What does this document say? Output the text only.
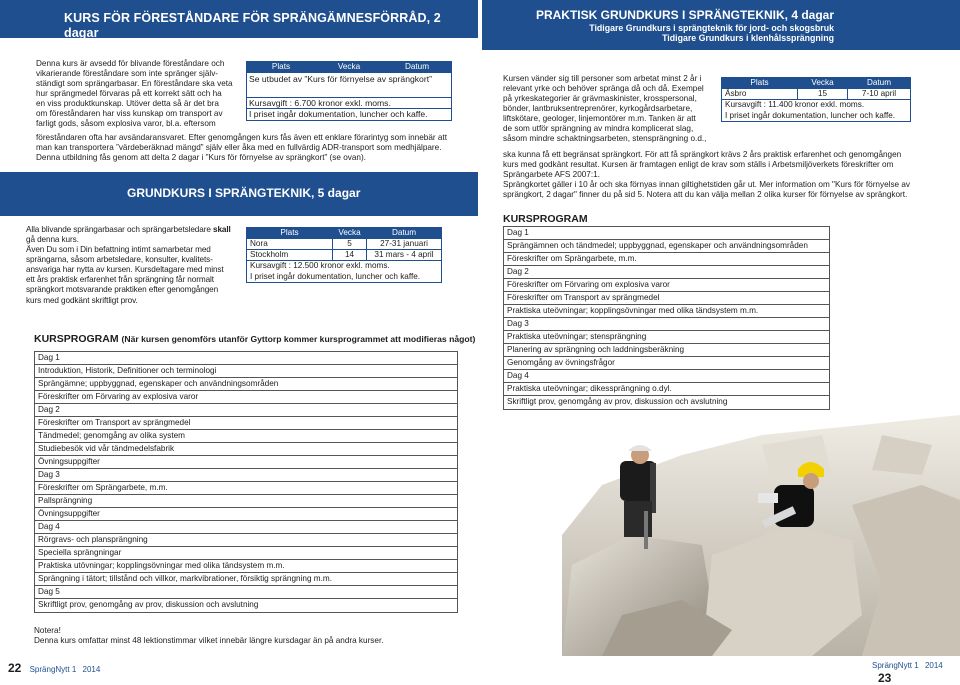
KURS FÖR FÖRESTÅNDARE FÖR SPRÄNGÄMNESFÖRRÅD, 2 dagar
PRAKTISK GRUNDKURS I SPRÄNGTEKNIK, 4 dagar
Tidigare Grundkurs i sprängteknik för jord- och skogsbruk
Tidigare Grundkurs i klenhålssprängning
Denna kurs är avsedd för blivande föreståndare och
vikarierande föreståndare som inte spränger själv-
ständigt som sprängarbasar. En föreståndare ska veta
hur sprängmedel förvaras på ett korrekt sätt och ha
en viss produktkunskap. Utöver detta så är det bra
om föreståndaren har viss kunskap om transport av
farligt gods, såsom explosiva varor, bl.a. eftersom
föreståndaren ofta har avsändaransvaret. Efter genomgången kurs fås även ett enklare förarintyg som innebär att
man kan transportera ”värdeberäknad mängd” själv eller åka med en fullvärdig ADR-transport som medhjälpare.
Denna utbildning fås genom att delta 2 dagar i ”Kurs för förnyelse av sprängkort” (se ovan).
Plats	Vecka	Datum
Se utbudet av ”Kurs för förnyelse av sprängkort”
Kursavgift : 6.700 kronor exkl. moms.
I priset ingår dokumentation, luncher och kaffe.
GRUNDKURS I SPRÄNGTEKNIK, 5 dagar
Alla blivande sprängarbasar och sprängarbetsledare skall
gå denna kurs.
Även Du som i Din befattning intimt samarbetar med
sprängarna, såsom arbetsledare, konsulter, kvalitets-
ansvariga har nytta av kursen. Kursdeltagare med minst
ett års praktisk erfarenhet från sprängning får normalt
sprängkort motsvarande praktiken efter genomgången
kurs med godkänt skriftligt prov.
Plats	Vecka	Datum
Nora	5	27-31 januari
Stockholm	14	31 mars - 4 april
Kursavgift : 12.500 kronor exkl. moms.		
I priset ingår dokumentation, luncher och kaffe.		
KURSPROGRAM (När kursen genomförs utanför Gyttorp kommer kursprogrammet att modifieras något)
Dag 1
Introduktion, Historik, Definitioner och terminologi
Sprängämne; uppbyggnad, egenskaper och användningsområden
Föreskrifter om Förvaring av explosiva varor
Dag 2
Föreskrifter om Transport av sprängmedel
Tändmedel; genomgång av olika system
Studiebesök vid vår tändmedelsfabrik
Övningsuppgifter
Dag 3
Föreskrifter om Sprängarbete, m.m.
Pallsprängning
Övningsuppgifter
Dag 4
Rörgravs- och plansprängning
Speciella sprängningar
Praktiska utövningar; kopplingsövningar med olika tändsystem m.m.
Sprängning i tätort; tillstånd och villkor, markvibrationer, försiktig sprängning m.m.
Dag 5
Skriftligt prov, genomgång av prov, diskussion och avslutning
Notera!
Denna kurs omfattar minst 48 lektionstimmar vilket innebär längre kursdagar än på andra kurser.
Kursen vänder sig till personer som arbetat minst 2 år i
relevant yrke och behöver spränga då och då. Exempel
på yrkeskategorier är grävmaskinister, krosspersonal,
bönder, lantbruksentreprenörer, kyrkogårdsarbetare,
liftskötare, geologer, linjemontörer m.m. Tanken är att
de som utför sprängning av mindra komplicerat slag,
såsom mindre schaktningsarbeten, stensprängning o.d.,
ska kunna få ett begränsat sprängkort. För att få sprängkort krävs 2 års praktisk erfarenhet och genomgången
kurs med godkänt resultat. Kursen är framtagen enligt de krav som ställs i Arbetsmiljöverkets föreskrifter om
Sprängarbete AFS 2007:1.
Sprängkortet gäller i 10 år och ska förnyas innan giltighetstiden går ut. Mer information om "Kurs för förnyelse av
sprängkort, 2 dagar" finner du på sid 5. Notera att du kan välja mellan 2 olika kurser för förnyelse av sprängkort.
Plats	Vecka	Datum
Åsbro	15	7-10 april
Kursavgift : 11.400 kronor exkl. moms.		
I priset ingår dokumentation, luncher och kaffe.		
KURSPROGRAM
Dag 1
Sprängämnen och tändmedel; uppbyggnad, egenskaper och användningsområden
Föreskrifter om Sprängarbete, m.m.
Dag 2
Föreskrifter om Förvaring om explosiva varor
Föreskrifter om Transport av sprängmedel
Praktiska uteövningar; kopplingsövningar med olika tändsystem m.m.
Dag 3
Praktiska uteövningar; stensprängning
Planering av sprängning och laddningsberäkning
Genomgång av övningsfrågor
Dag 4
Praktiska uteövningar; dikessprängning o.dyl.
Skriftligt prov, genomgång av prov, diskussion och avslutning
22 SprängNytt 1 2014	SprängNytt 1 2014 23
